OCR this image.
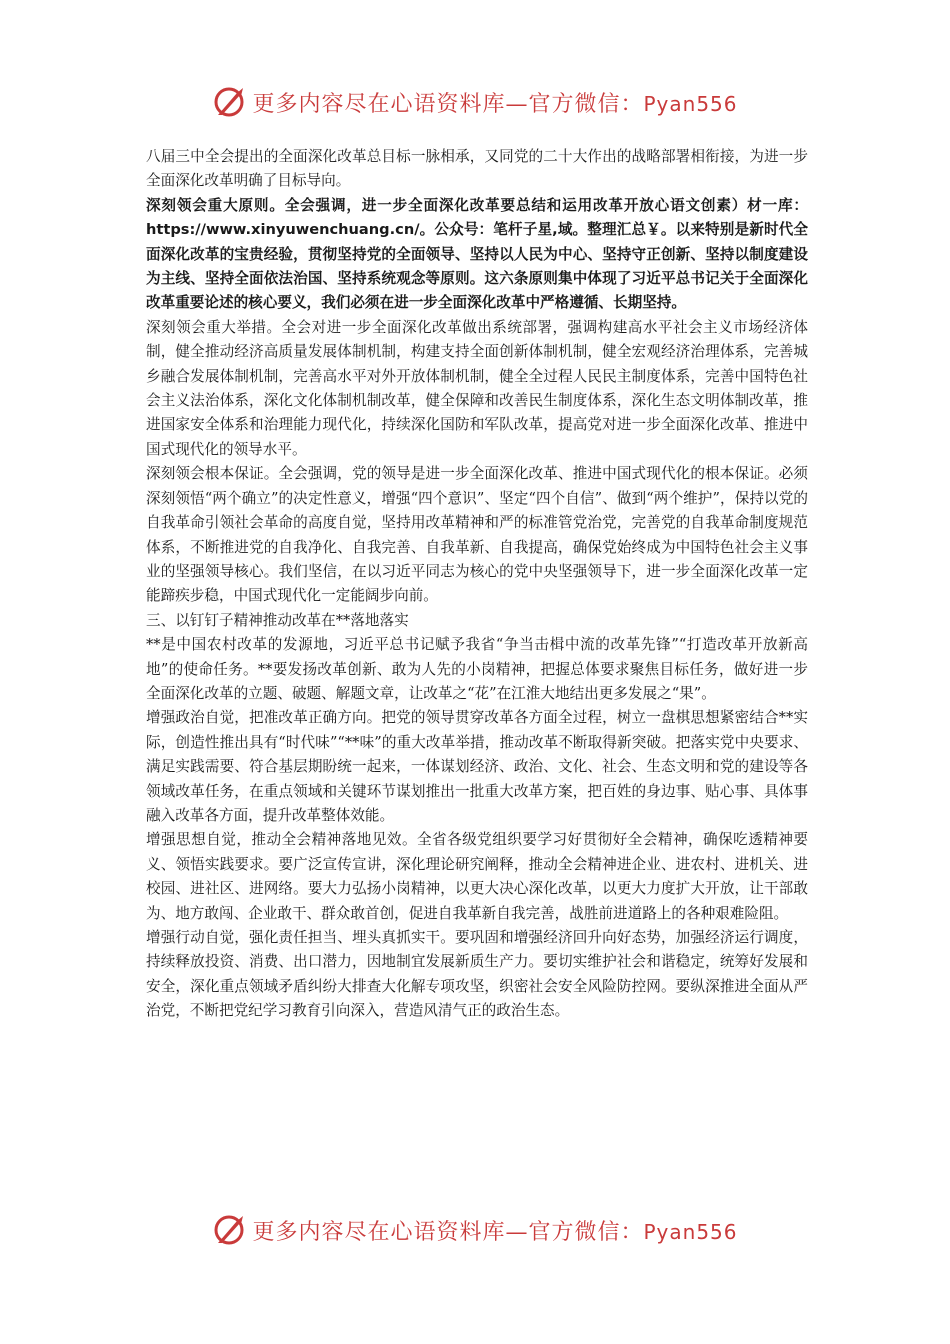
更多内容尽在心语资料库—官方微信：Pyan556

八届三中全会提出的全面深化改革总目标一脉相承，又同党的二十大作出的战略部署相衔接，为进一步全面深化改革明确了目标导向。

深刻领会重大原则。全会强调，进一步全面深化改革要总结和运用改革开放心语文创素）材一库：https://www.xinyuwenchuang.cn/。公众号：笔杆子星,域。整理汇总￥。以来特别是新时代全面深化改革的宝贵经验，贯彻坚持党的全面领导、坚持以人民为中心、坚持守正创新、坚持以制度建设为主线、坚持全面依法治国、坚持系统观念等原则。这六条原则集中体现了习近平总书记关于全面深化改革重要论述的核心要义，我们必须在进一步全面深化改革中严格遵循、长期坚持。

深刻领会重大举措。全会对进一步全面深化改革做出系统部署，强调构建高水平社会主义市场经济体制，健全推动经济高质量发展体制机制，构建支持全面创新体制机制，健全宏观经济治理体系，完善城乡融合发展体制机制，完善高水平对外开放体制机制，健全全过程人民民主制度体系，完善中国特色社会主义法治体系，深化文化体制机制改革，健全保障和改善民生制度体系，深化生态文明体制改革，推进国家安全体系和治理能力现代化，持续深化国防和军队改革，提高党对进一步全面深化改革、推进中国式现代化的领导水平。

深刻领会根本保证。全会强调，党的领导是进一步全面深化改革、推进中国式现代化的根本保证。必须深刻领悟“两个确立”的决定性意义，增强“四个意识”、坚定“四个自信”、做到“两个维护”，保持以党的自我革命引领社会革命的高度自觉，坚持用改革精神和严的标准管党治党，完善党的自我革命制度规范体系，不断推进党的自我净化、自我完善、自我革新、自我提高，确保党始终成为中国特色社会主义事业的坚强领导核心。我们坚信，在以习近平同志为核心的党中央坚强领导下，进一步全面深化改革一定能蹄疾步稳，中国式现代化一定能阔步向前。

三、以钉钉子精神推动改革在**落地落实

**是中国农村改革的发源地，习近平总书记赋予我省“争当击楫中流的改革先锋”“打造改革开放新高地”的使命任务。**要发扬改革创新、敢为人先的小岗精神，把握总体要求聚焦目标任务，做好进一步全面深化改革的立题、破题、解题文章，让改革之“花”在江淮大地结出更多发展之“果”。

增强政治自觉，把准改革正确方向。把党的领导贯穿改革各方面全过程，树立一盘棋思想紧密结合**实际，创造性推出具有“时代味”“**味”的重大改革举措，推动改革不断取得新突破。把落实党中央要求、满足实践需要、符合基层期盼统一起来，一体谋划经济、政治、文化、社会、生态文明和党的建设等各领域改革任务，在重点领域和关键环节谋划推出一批重大改革方案，把百姓的身边事、贴心事、具体事融入改革各方面，提升改革整体效能。

增强思想自觉，推动全会精神落地见效。全省各级党组织要学习好贯彻好全会精神，确保吃透精神要义、领悟实践要求。要广泛宣传宣讲，深化理论研究阐释，推动全会精神进企业、进农村、进机关、进校园、进社区、进网络。要大力弘扬小岗精神，以更大决心深化改革，以更大力度扩大开放，让干部敢为、地方敢闯、企业敢干、群众敢首创，促进自我革新自我完善，战胜前进道路上的各种艰难险阻。

增强行动自觉，强化责任担当、埋头真抓实干。要巩固和增强经济回升向好态势，加强经济运行调度，持续释放投资、消费、出口潜力，因地制宜发展新质生产力。要切实维护社会和谐稳定，统筹好发展和安全，深化重点领域矛盾纠纷大排查大化解专项攻坚，织密社会安全风险防控网。要纵深推进全面从严治党，不断把党纪学习教育引向深入，营造风清气正的政治生态。

更多内容尽在心语资料库—官方微信：Pyan556
